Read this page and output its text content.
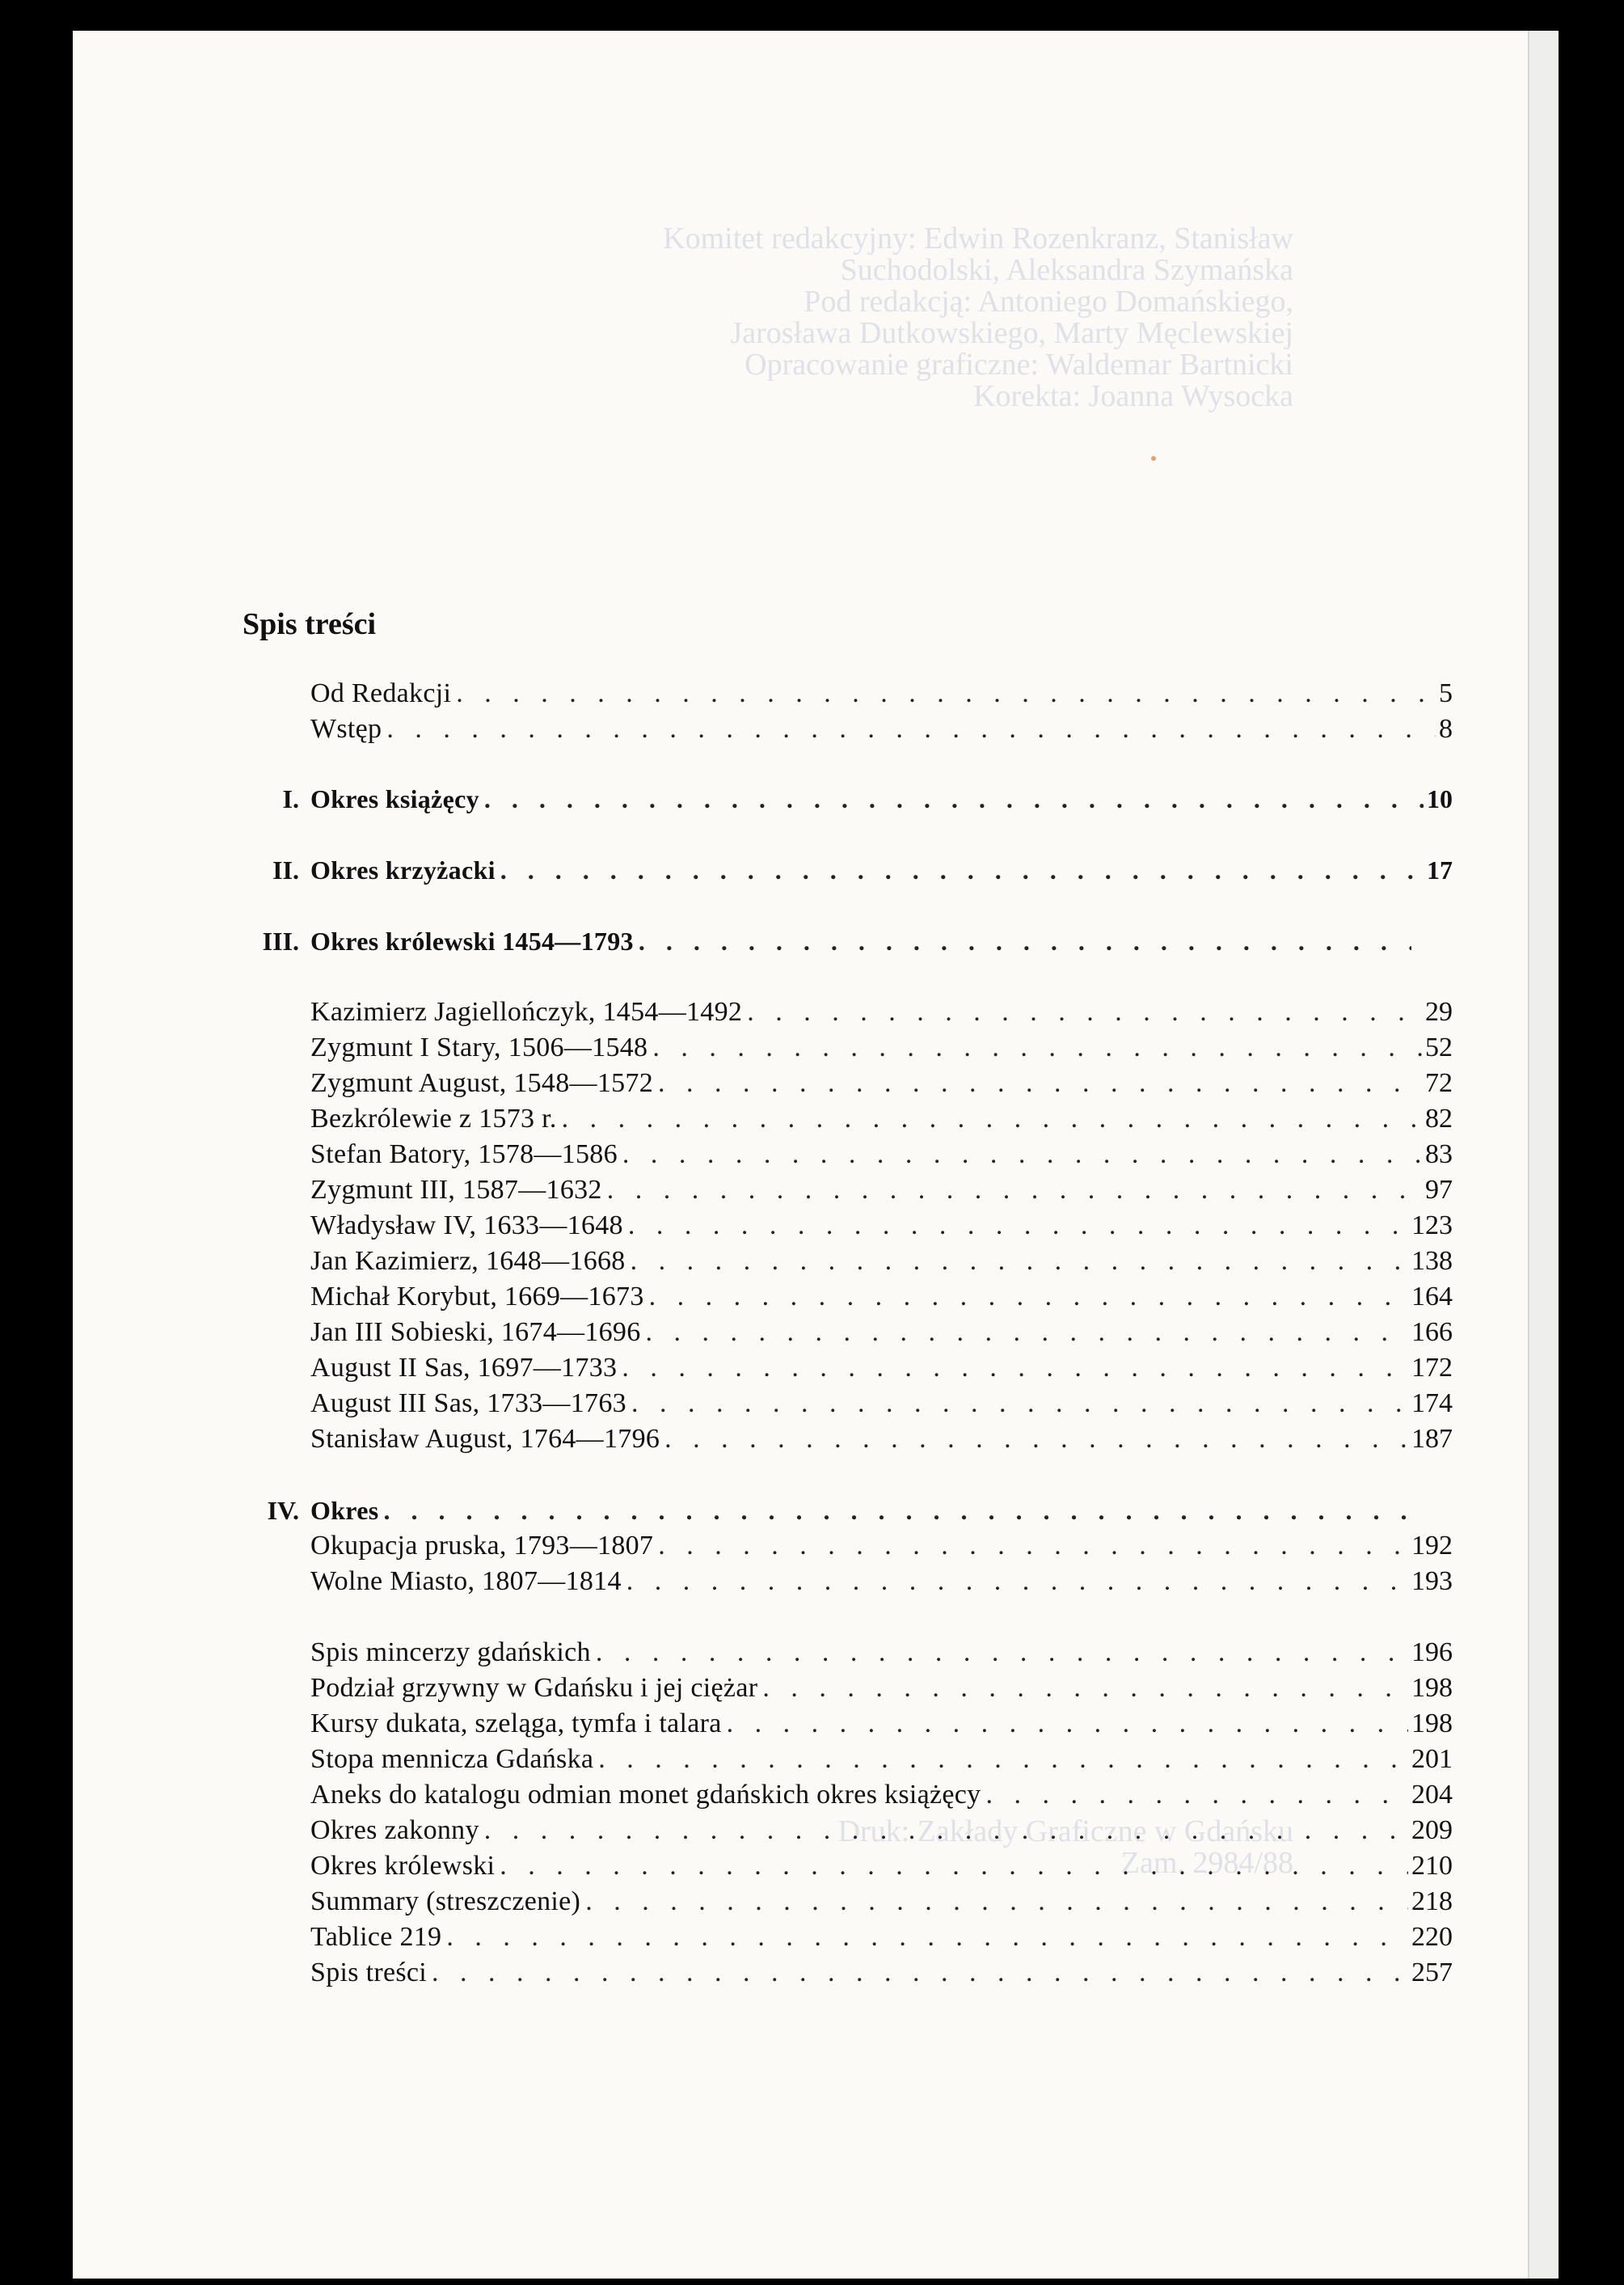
Komitet redakcyjny: Edwin Rozenkranz, Stanisław
Suchodolski, Aleksandra Szymańska
Pod redakcją: Antoniego Domańskiego,
Jarosława Dutkowskiego, Marty Męclewskiej
Opracowanie graficzne: Waldemar Bartnicki
Korekta: Joanna Wysocka
Druk: Zakłady Graficzne w Gdańsku
Zam. 2984/88
Spis treści
Od Redakcji . . .	5
Wstęp . . .	8
I. Okres książęcy . . .	10
II. Okres krzyżacki . . .	17
III. Okres królewski 1454—1793
. . .
Kazimierz Jagiellończyk, 1454—1492 . . .	29
Zygmunt I Stary, 1506—1548 . . .	52
Zygmunt August, 1548—1572 . . .	72
Bezkrólewie z 1573 r. . . .	82
Stefan Batory, 1578—1586 . . .	83
Zygmunt III, 1587—1632 . . .	97
Władysław IV, 1633—1648 . . .	123
Jan Kazimierz, 1648—1668 . . .	138
Michał Korybut, 1669—1673 . . .	164
Jan III Sobieski, 1674—1696 . . .	166
August II Sas, 1697—1733 . . .	172
August III Sas, 1733—1763 . . .	174
Stanisław August, 1764—1796 . . .	187
IV. Okres
. . .
Okupacja pruska, 1793—1807 . . .	192
Wolne Miasto, 1807—1814 . . .	193
Spis mincerzy gdańskich . . .	196
Podział grzywny w Gdańsku i jej ciężar . . .	198
Kursy dukata, szeląga, tymfa i talara . . .	198
Stopa mennicza Gdańska . . .	201
Aneks do katalogu odmian monet gdańskich okres książęcy . . .	204
Okres zakonny . . .	209
Okres królewski . . .	210
Summary (streszczenie) . . .	218
Tablice 219 . . .	220
Spis treści . . .	257
